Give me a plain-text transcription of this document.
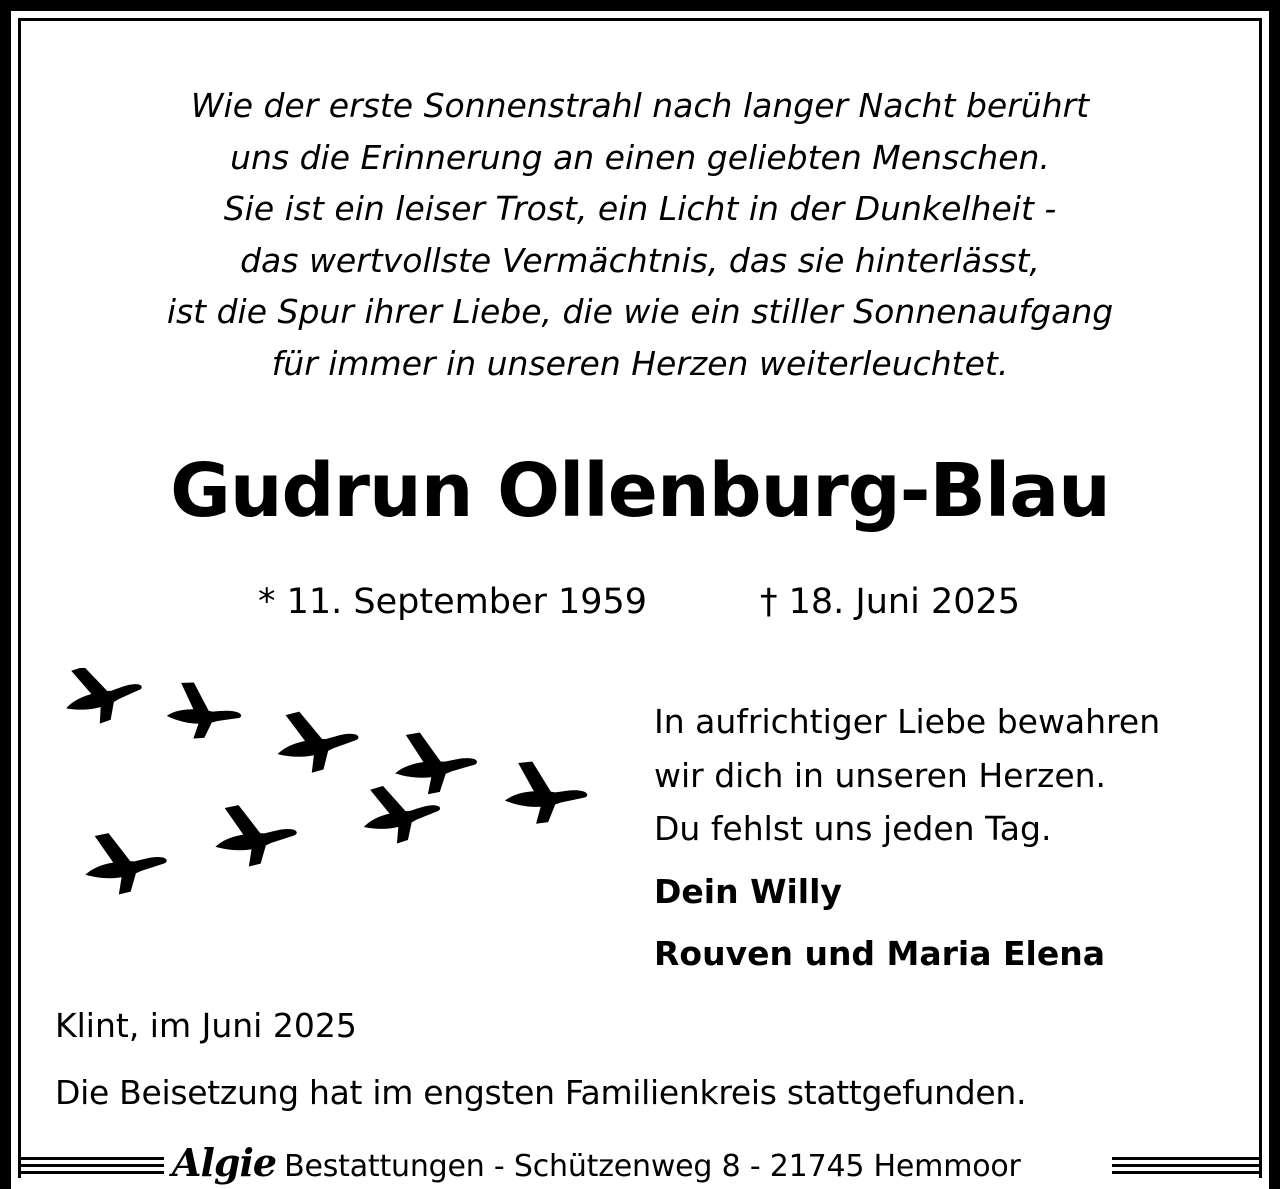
Wie der erste Sonnenstrahl nach langer Nacht berührt
uns die Erinnerung an einen geliebten Menschen.
Sie ist ein leiser Trost, ein Licht in der Dunkelheit -
das wertvollste Vermächtnis, das sie hinterlässt,
ist die Spur ihrer Liebe, die wie ein stiller Sonnenaufgang
für immer in unseren Herzen weiterleuchtet.
Gudrun Ollenburg-Blau
* 11. September 1959	† 18. Juni 2025
In aufrichtiger Liebe bewahren
wir dich in unseren Herzen.
Du fehlst uns jeden Tag.
Dein Willy
Rouven und Maria Elena
Klint, im Juni 2025
Die Beisetzung hat im engsten Familienkreis stattgefunden.
Algie Bestattungen - Schützenweg 8 - 21745 Hemmoor
